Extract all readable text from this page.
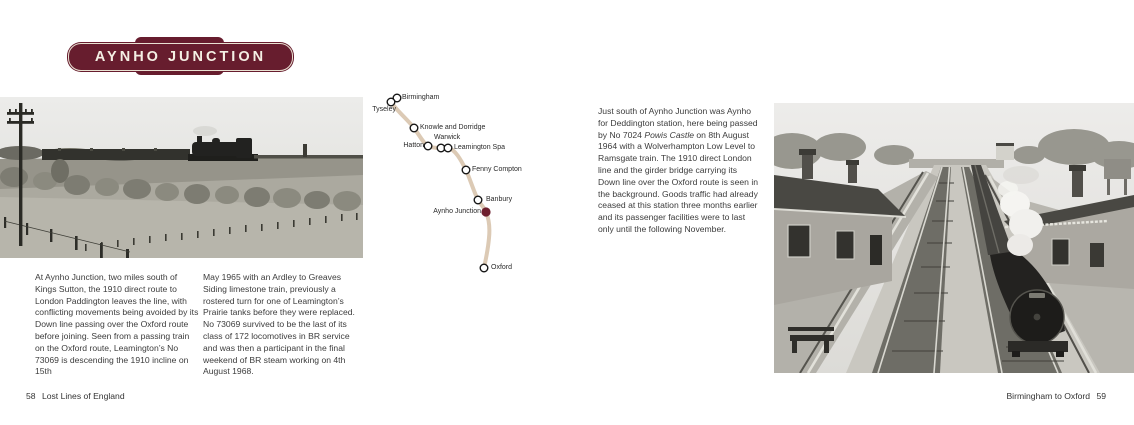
AYNHO JUNCTION
At Aynho Junction, two miles south of Kings Sutton, the 1910 direct route to London Paddington leaves the line, with conflicting movements being avoided by its Down line passing over the Oxford route before joining. Seen from a passing train on the Oxford route, Leamington’s No 73069 is descending the 1910 incline on 15th
May 1965 with an Ardley to Greaves Siding limestone train, previously a rostered turn for one of Leamington’s Prairie tanks before they were replaced. No 73069 survived to be the last of its class of 172 locomotives in BR service and was then a participant in the final weekend of BR steam working on 4th August 1968.
Birmingham
Tyseley
Knowle and Dorridge
Hatton
Warwick
Leamington Spa
Fenny Compton
Banbury
Aynho Junction
Oxford
Just south of Aynho Junction was Aynho for Deddington station, here being passed by No 7024 Powis Castle on 8th August 1964 with a Wolverhampton Low Level to Ramsgate train. The 1910 direct London line and the girder bridge carrying its Down line over the Oxford route is seen in the background. Goods traffic had already ceased at this station three months earlier and its passenger facilities were to last only until the following November.
58 Lost Lines of England	Birmingham to Oxford 59
